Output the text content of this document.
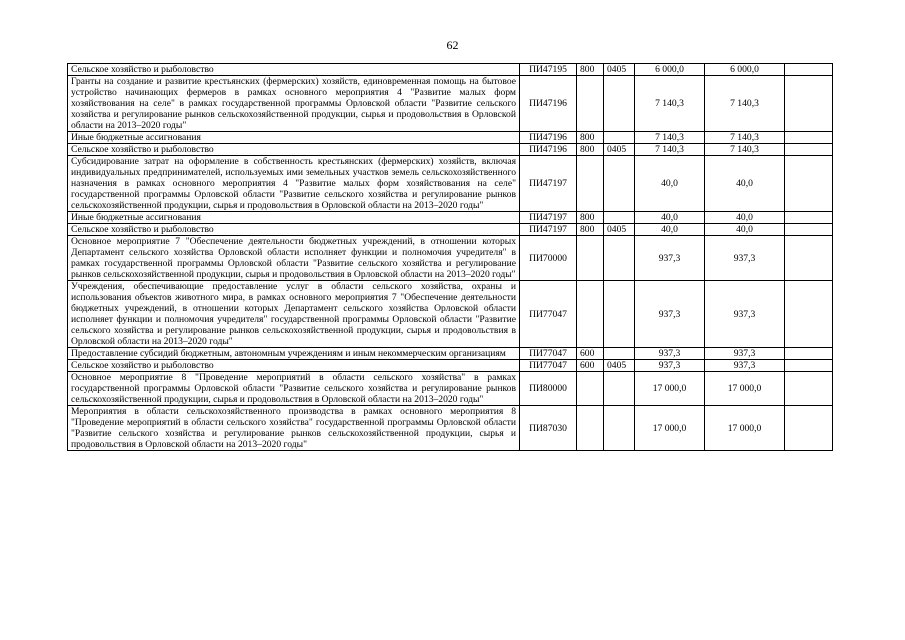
62
Сельское хозяйство и рыболовство	ПИ47195	800	0405	6 000,0	6 000,0	
Гранты на создание и развитие крестьянских (фермерских) хозяйств, единовременная помощь на бытовое устройство начинающих фермеров в рамках основного мероприятия 4 "Развитие малых форм хозяйствования на селе" в рамках государственной программы Орловской области "Развитие сельского хозяйства и регулирование рынков сельскохозяйственной продукции, сырья и продовольствия в Орловской области на 2013–2020 годы"	ПИ47196			7 140,3	7 140,3	
Иные бюджетные ассигнования	ПИ47196	800		7 140,3	7 140,3	
Сельское хозяйство и рыболовство	ПИ47196	800	0405	7 140,3	7 140,3	
Субсидирование затрат на оформление в собственность крестьянских (фермерских) хозяйств, включая индивидуальных предпринимателей, используемых ими земельных участков земель сельскохозяйственного назначения в рамках основного мероприятия 4 "Развитие малых форм хозяйствования на селе" государственной программы Орловской области "Развитие сельского хозяйства и регулирование рынков сельскохозяйственной продукции, сырья и продовольствия в Орловской области на 2013–2020 годы"	ПИ47197			40,0	40,0	
Иные бюджетные ассигнования	ПИ47197	800		40,0	40,0	
Сельское хозяйство и рыболовство	ПИ47197	800	0405	40,0	40,0	
Основное мероприятие 7 "Обеспечение деятельности бюджетных учреждений, в отношении которых Департамент сельского хозяйства Орловской области исполняет функции и полномочия учредителя" в рамках государственной программы Орловской области "Развитие сельского хозяйства и регулирование рынков сельскохозяйственной продукции, сырья и продовольствия в Орловской области на 2013–2020 годы"	ПИ70000			937,3	937,3	
Учреждения, обеспечивающие предоставление услуг в области сельского хозяйства, охраны и использования объектов животного мира, в рамках основного мероприятия 7 "Обеспечение деятельности бюджетных учреждений, в отношении которых Департамент сельского хозяйства Орловской области исполняет функции и полномочия учредителя" государственной программы Орловской области "Развитие сельского хозяйства и регулирование рынков сельскохозяйственной продукции, сырья и продовольствия в Орловской области на 2013–2020 годы"	ПИ77047			937,3	937,3	
Предоставление субсидий бюджетным, автономным учреждениям и иным некоммерческим организациям	ПИ77047	600		937,3	937,3	
Сельское хозяйство и рыболовство	ПИ77047	600	0405	937,3	937,3	
Основное мероприятие 8 "Проведение мероприятий в области сельского хозяйства" в рамках государственной программы Орловской области "Развитие сельского хозяйства и регулирование рынков сельскохозяйственной продукции, сырья и продовольствия в Орловской области на 2013–2020 годы"	ПИ80000			17 000,0	17 000,0	
Мероприятия в области сельскохозяйственного производства в рамках основного мероприятия 8 "Проведение мероприятий в области сельского хозяйства" государственной программы Орловской области "Развитие сельского хозяйства и регулирование рынков сельскохозяйственной продукции, сырья и продовольствия в Орловской области на 2013–2020 годы"	ПИ87030			17 000,0	17 000,0	
